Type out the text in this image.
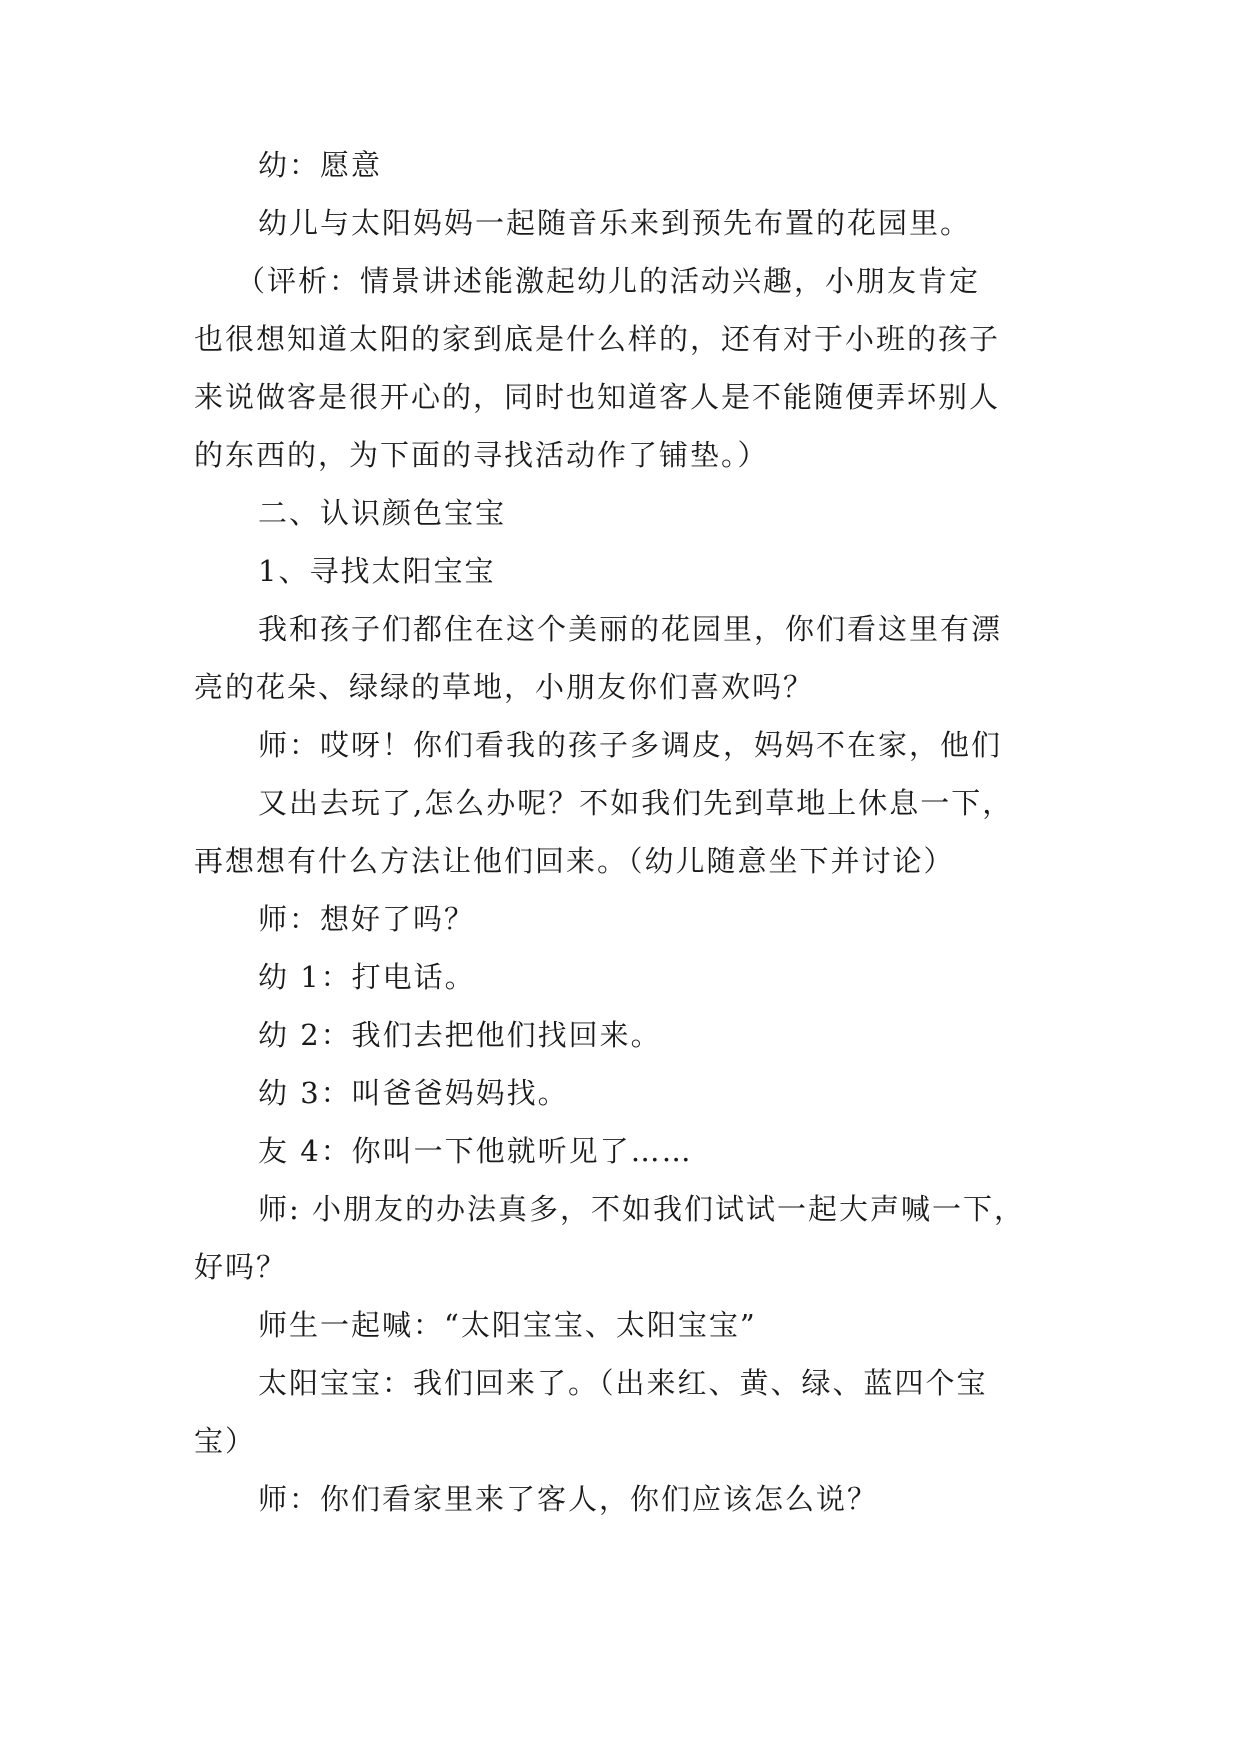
幼：愿意
幼儿与太阳妈妈一起随音乐来到预先布置的花园里。
（评析：情景讲述能激起幼儿的活动兴趣，小朋友肯定
也很想知道太阳的家到底是什么样的，还有对于小班的孩子
来说做客是很开心的，同时也知道客人是不能随便弄坏别人
的东西的，为下面的寻找活动作了铺垫。）
二、认识颜色宝宝
1、寻找太阳宝宝
我和孩子们都住在这个美丽的花园里，你们看这里有漂
亮的花朵、绿绿的草地，小朋友你们喜欢吗？
师：哎呀！你们看我的孩子多调皮，妈妈不在家，他们
又出去玩了,怎么办呢？不如我们先到草地上休息一下，
再想想有什么方法让他们回来。（幼儿随意坐下并讨论）
师：想好了吗？
幼 1：打电话。
幼 2：我们去把他们找回来。
幼 3：叫爸爸妈妈找。
友 4：你叫一下他就听见了……
师: 小朋友的办法真多，不如我们试试一起大声喊一下，
好吗？
师生一起喊：“太阳宝宝、太阳宝宝”
太阳宝宝：我们回来了。（出来红、黄、绿、蓝四个宝
宝）
师：你们看家里来了客人，你们应该怎么说？
